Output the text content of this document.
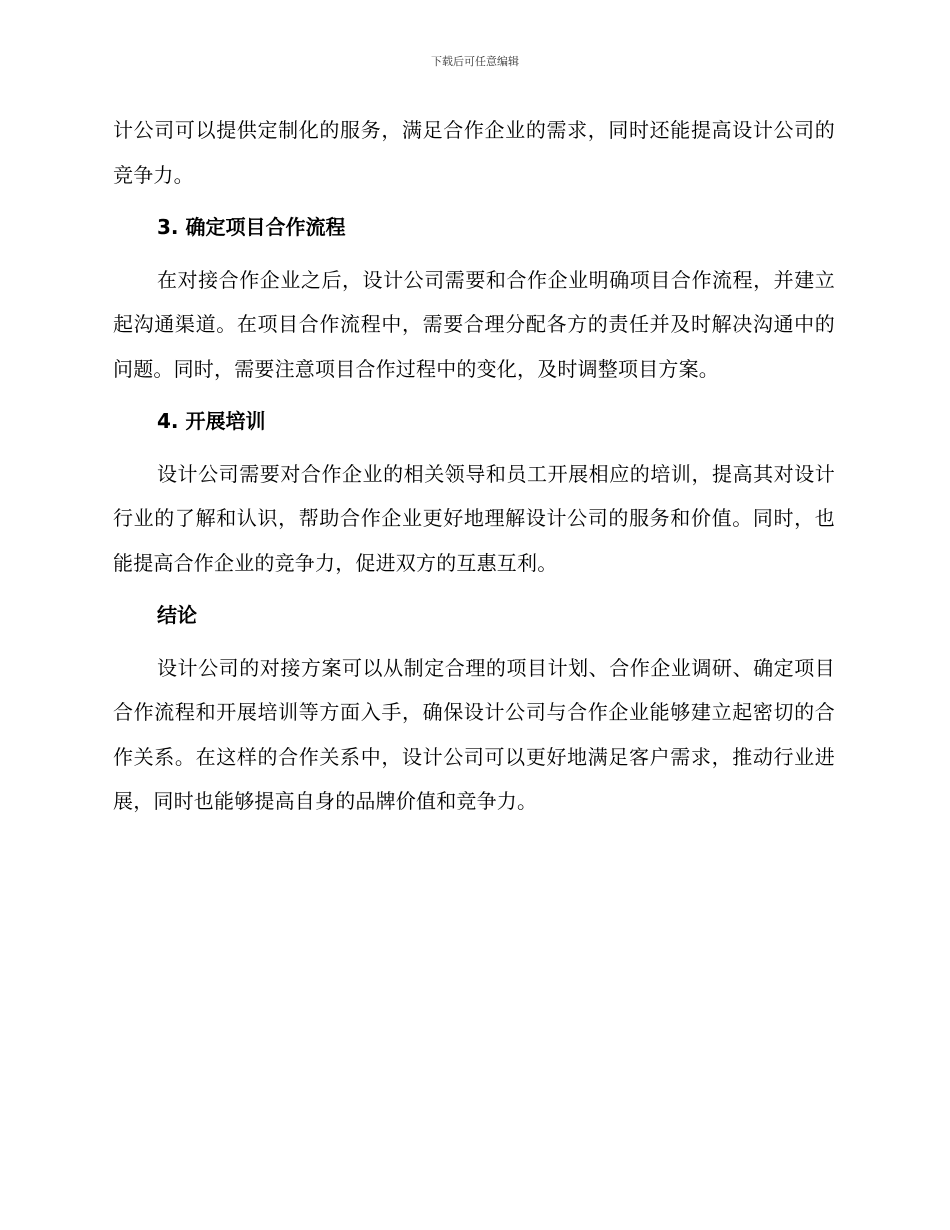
下载后可任意编辑

计公司可以提供定制化的服务，满足合作企业的需求，同时还能提高设计公司的竞争力。

3. 确定项目合作流程

在对接合作企业之后，设计公司需要和合作企业明确项目合作流程，并建立起沟通渠道。在项目合作流程中，需要合理分配各方的责任并及时解决沟通中的问题。同时，需要注意项目合作过程中的变化，及时调整项目方案。

4. 开展培训

设计公司需要对合作企业的相关领导和员工开展相应的培训，提高其对设计行业的了解和认识，帮助合作企业更好地理解设计公司的服务和价值。同时，也能提高合作企业的竞争力，促进双方的互惠互利。

结论

设计公司的对接方案可以从制定合理的项目计划、合作企业调研、确定项目合作流程和开展培训等方面入手，确保设计公司与合作企业能够建立起密切的合作关系。在这样的合作关系中，设计公司可以更好地满足客户需求，推动行业进展，同时也能够提高自身的品牌价值和竞争力。
